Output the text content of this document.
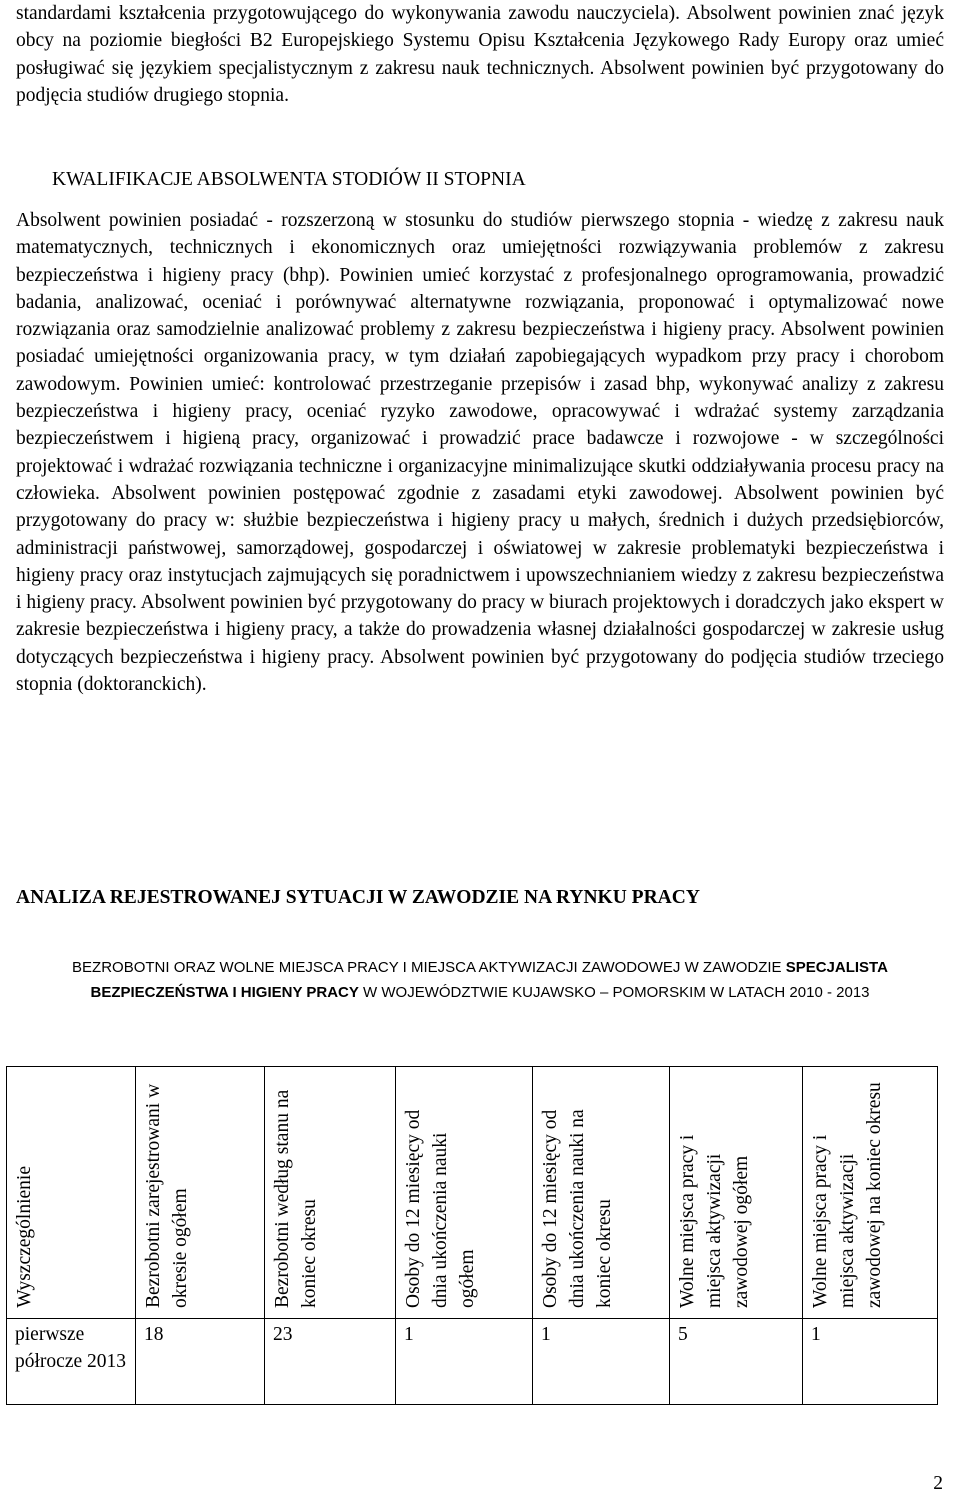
standardami kształcenia przygotowującego do wykonywania zawodu nauczyciela). Absolwent powinien znać język obcy na poziomie biegłości B2 Europejskiego Systemu Opisu Kształcenia Językowego Rady Europy oraz umieć posługiwać się językiem specjalistycznym z zakresu nauk technicznych. Absolwent powinien być przygotowany do podjęcia studiów drugiego stopnia.

KWALIFIKACJE ABSOLWENTA STODIÓW II STOPNIA

Absolwent powinien posiadać - rozszerzoną w stosunku do studiów pierwszego stopnia - wiedzę z zakresu nauk matematycznych, technicznych i ekonomicznych oraz umiejętności rozwiązywania problemów z zakresu bezpieczeństwa i higieny pracy (bhp). Powinien umieć korzystać z profesjonalnego oprogramowania, prowadzić badania, analizować, oceniać i porównywać alternatywne rozwiązania, proponować i optymalizować nowe rozwiązania oraz samodzielnie analizować problemy z zakresu bezpieczeństwa i higieny pracy. Absolwent powinien posiadać umiejętności organizowania pracy, w tym działań zapobiegających wypadkom przy pracy i chorobom zawodowym. Powinien umieć: kontrolować przestrzeganie przepisów i zasad bhp, wykonywać analizy z zakresu bezpieczeństwa i higieny pracy, oceniać ryzyko zawodowe, opracowywać i wdrażać systemy zarządzania bezpieczeństwem i higieną pracy, organizować i prowadzić prace badawcze i rozwojowe - w szczególności projektować i wdrażać rozwiązania techniczne i organizacyjne minimalizujące skutki oddziaływania procesu pracy na człowieka. Absolwent powinien postępować zgodnie z zasadami etyki zawodowej. Absolwent powinien być przygotowany do pracy w: służbie bezpieczeństwa i higieny pracy u małych, średnich i dużych przedsiębiorców, administracji państwowej, samorządowej, gospodarczej i oświatowej w zakresie problematyki bezpieczeństwa i higieny pracy oraz instytucjach zajmujących się poradnictwem i upowszechnianiem wiedzy z zakresu bezpieczeństwa i higieny pracy. Absolwent powinien być przygotowany do pracy w biurach projektowych i doradczych jako ekspert w zakresie bezpieczeństwa i higieny pracy, a także do prowadzenia własnej działalności gospodarczej w zakresie usług dotyczących bezpieczeństwa i higieny pracy. Absolwent powinien być przygotowany do podjęcia studiów trzeciego stopnia (doktoranckich).

ANALIZA REJESTROWANEJ SYTUACJI W ZAWODZIE NA RYNKU PRACY

BEZROBOTNI ORAZ WOLNE MIEJSCA PRACY I MIEJSCA AKTYWIZACJI ZAWODOWEJ W ZAWODZIE SPECJALISTA BEZPIECZEŃSTWA I HIGIENY PRACY W WOJEWÓDZTWIE KUJAWSKO – POMORSKIM W LATACH 2010 - 2013

Wyszczególnienie	Bezrobotni zarejestrowani w okresie ogółem	Bezrobotni według stanu na koniec okresu	Osoby do 12 miesięcy od dnia ukończenia nauki ogółem	Osoby do 12 miesięcy od dnia ukończenia nauki na koniec okresu	Wolne miejsca pracy i miejsca aktywizacji zawodowej ogółem	Wolne miejsca pracy i miejsca aktywizacji zawodowej na koniec okresu

pierwsze półrocze 2013	18	23	1	1	5	1

2
